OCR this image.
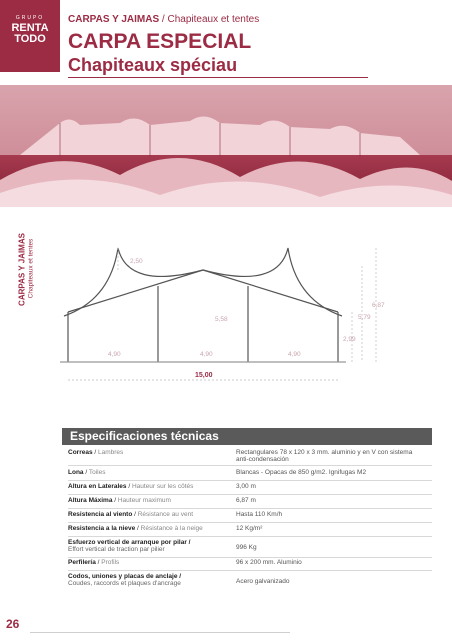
GRUPO
RENTA
TODO
CARPAS Y JAIMAS / Chapiteaux et tentes
CARPA ESPECIAL
Chapiteaux spéciau
CARPAS Y JAIMAS Chapiteaux et tentes	2,50
5,58	5,79
6,87
2,99
4,90	4,90	4,90
15,00
Especificaciones técnicas
Correas / Lambres	Rectangulares 78 x 120 x 3 mm. aluminio y en V con sistema anti-condensación
Lona / Toiles	Blancas - Opacas de 850 g/m2. Ignifugas M2
Altura en Laterales / Hauteur sur les côtés	3,00 m
Altura Máxima / Hauteur maximum	6,87 m
Resistencia al viento / Résistance au vent	Hasta 110 Km/h
Resistencia a la nieve / Résistance à la neige	12 Kg/m²
Esfuerzo vertical de arranque por pilar /
Effort vertical de traction par pilier	996 Kg
Perfilería / Profils	96 x 200 mm. Aluminio
Codos, uniones y placas de anclaje /
Coudes, raccords et plaques d'ancrage	Acero galvanizado
26
